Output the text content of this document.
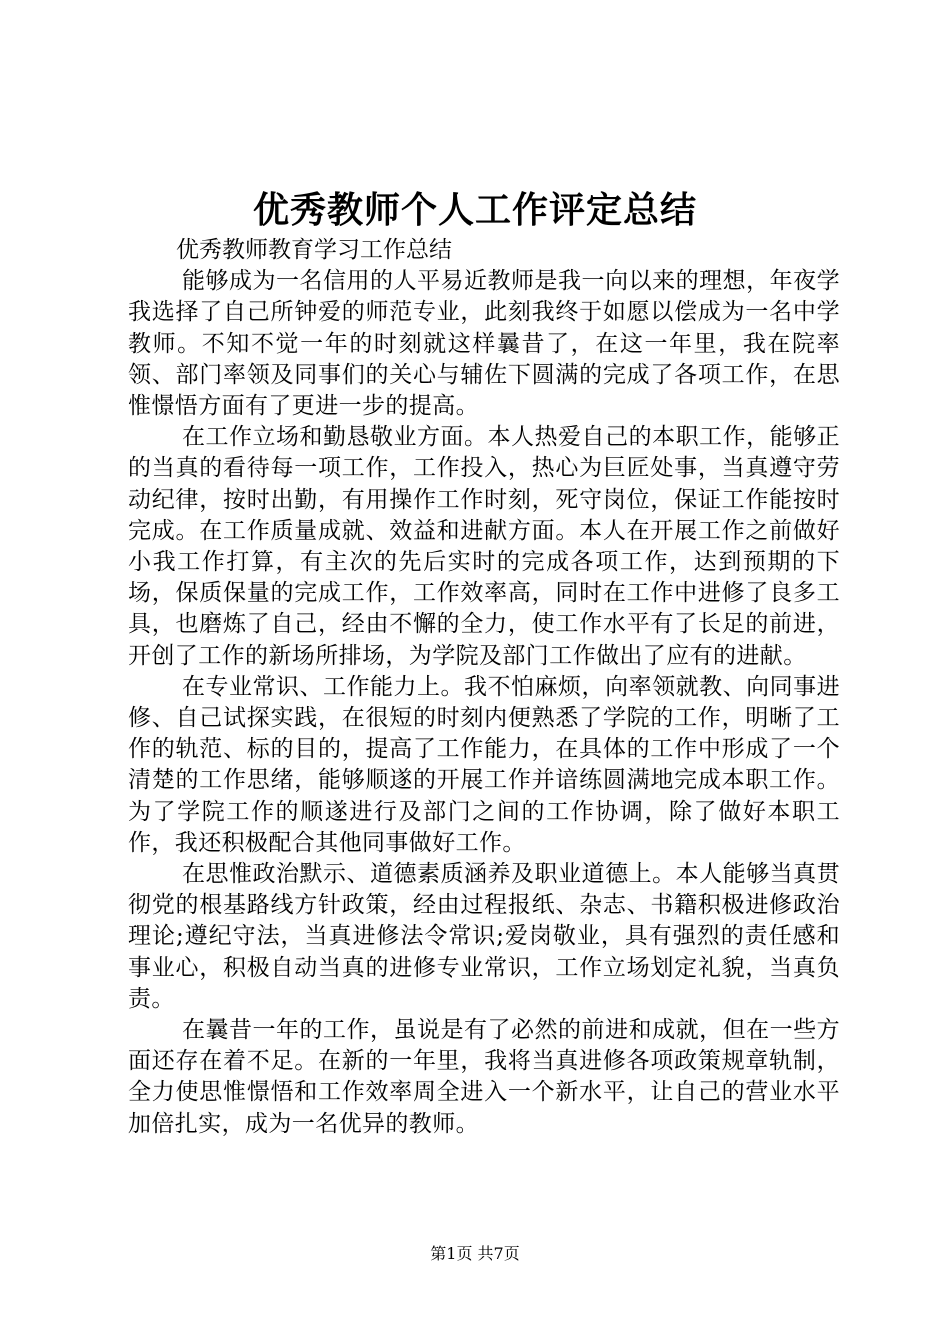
优秀教师个人工作评定总结

优秀教师教育学习工作总结

能够成为一名信用的人平易近教师是我一向以来的理想，年夜学我选择了自己所钟爱的师范专业，此刻我终于如愿以偿成为一名中学教师。不知不觉一年的时刻就这样曩昔了，在这一年里，我在院率领、部门率领及同事们的关心与辅佐下圆满的完成了各项工作，在思惟憬悟方面有了更进一步的提高。

在工作立场和勤恳敬业方面。本人热爱自己的本职工作，能够正的当真的看待每一项工作，工作投入，热心为巨匠处事，当真遵守劳动纪律，按时出勤，有用操作工作时刻，死守岗位，保证工作能按时完成。在工作质量成就、效益和进献方面。本人在开展工作之前做好小我工作打算，有主次的先后实时的完成各项工作，达到预期的下场，保质保量的完成工作，工作效率高，同时在工作中进修了良多工具，也磨炼了自己，经由不懈的全力，使工作水平有了长足的前进，开创了工作的新场所排场，为学院及部门工作做出了应有的进献。

在专业常识、工作能力上。我不怕麻烦，向率领就教、向同事进修、自己试探实践，在很短的时刻内便熟悉了学院的工作，明晰了工作的轨范、标的目的，提高了工作能力，在具体的工作中形成了一个清楚的工作思绪，能够顺遂的开展工作并谙练圆满地完成本职工作。为了学院工作的顺遂进行及部门之间的工作协调，除了做好本职工作，我还积极配合其他同事做好工作。

在思惟政治默示、道德素质涵养及职业道德上。本人能够当真贯彻党的根基路线方针政策，经由过程报纸、杂志、书籍积极进修政治理论;遵纪守法，当真进修法令常识;爱岗敬业，具有强烈的责任感和事业心，积极自动当真的进修专业常识，工作立场划定礼貌，当真负责。

在曩昔一年的工作，虽说是有了必然的前进和成就，但在一些方面还存在着不足。在新的一年里，我将当真进修各项政策规章轨制，全力使思惟憬悟和工作效率周全进入一个新水平，让自己的营业水平加倍扎实，成为一名优异的教师。

第1页 共7页
